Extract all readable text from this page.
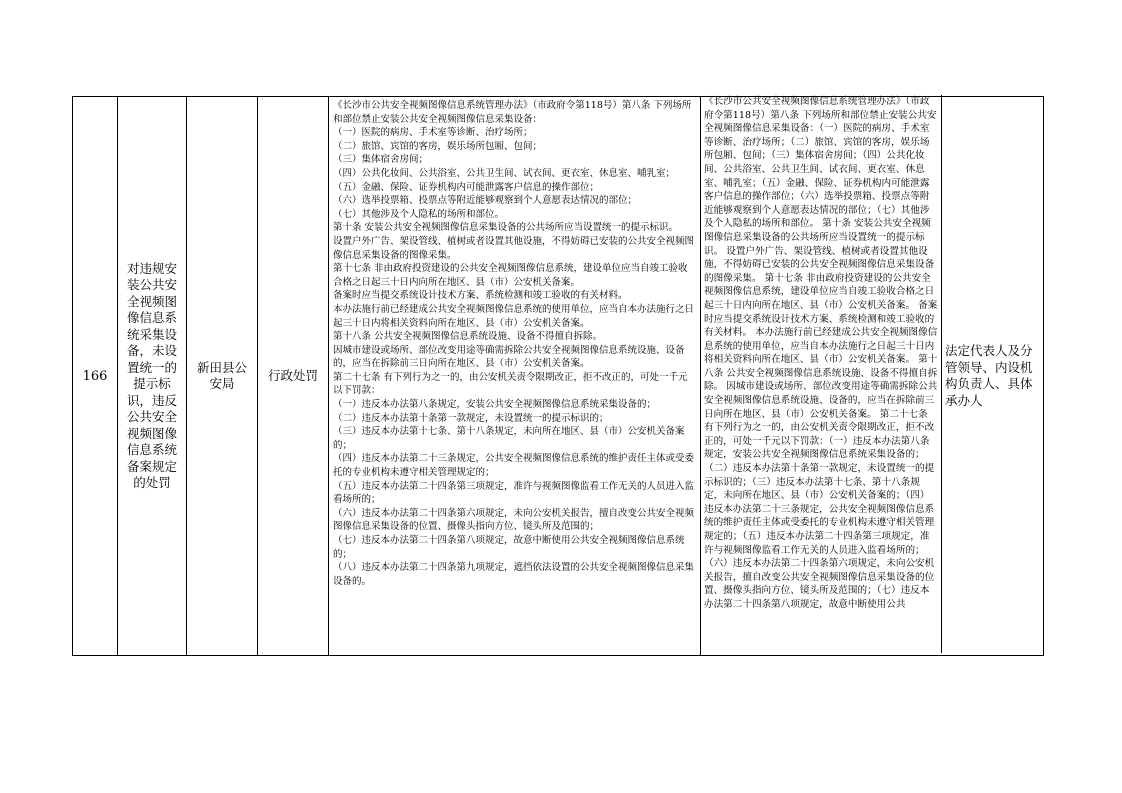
166
对违规安装公共安全视频图像信息系统采集设备，未设置统一的提示标识，违反公共安全视频图像信息系统备案规定的处罚
新田县公安局
行政处罚
《长沙市公共安全视频图像信息系统管理办法》（市政府令第118号）第八条 下列场所和部位禁止安装公共安全视频图像信息采集设备：
（一）医院的病房、手术室等诊断、治疗场所；
（二）旅馆、宾馆的客房，娱乐场所包厢、包间；
（三）集体宿舍房间；
（四）公共化妆间、公共浴室、公共卫生间、试衣间、更衣室、休息室、哺乳室；
（五）金融、保险、证券机构内可能泄露客户信息的操作部位；
（六）选举投票箱、投票点等附近能够观察到个人意愿表达情况的部位；
（七）其他涉及个人隐私的场所和部位。
第十条 安装公共安全视频图像信息采集设备的公共场所应当设置统一的提示标识。
设置户外广告、架设管线、植树或者设置其他设施，不得妨碍已安装的公共安全视频图像信息采集设备的图像采集。
第十七条 非由政府投资建设的公共安全视频图像信息系统，建设单位应当自竣工验收合格之日起三十日内向所在地区、县（市）公安机关备案。
备案时应当提交系统设计技术方案、系统检测和竣工验收的有关材料。
本办法施行前已经建成公共安全视频图像信息系统的使用单位，应当自本办法施行之日起三十日内将相关资料向所在地区、县（市）公安机关备案。
第十八条 公共安全视频图像信息系统设施、设备不得擅自拆除。
因城市建设或场所、部位改变用途等确需拆除公共安全视频图像信息系统设施、设备的，应当在拆除前三日向所在地区、县（市）公安机关备案。
第二十七条 有下列行为之一的，由公安机关责令限期改正，拒不改正的，可处一千元以下罚款：
（一）违反本办法第八条规定，安装公共安全视频图像信息系统采集设备的；
（二）违反本办法第十条第一款规定，未设置统一的提示标识的；
（三）违反本办法第十七条、第十八条规定，未向所在地区、县（市）公安机关备案的；
（四）违反本办法第二十三条规定，公共安全视频图像信息系统的维护责任主体或受委托的专业机构未遵守相关管理规定的；
（五）违反本办法第二十四条第三项规定，准许与视频图像监看工作无关的人员进入监看场所的；
（六）违反本办法第二十四条第六项规定，未向公安机关报告，擅自改变公共安全视频图像信息采集设备的位置、摄像头指向方位、镜头所及范围的；
（七）违反本办法第二十四条第八项规定，故意中断使用公共安全视频图像信息系统的；
（八）违反本办法第二十四条第九项规定，遮挡依法设置的公共安全视频图像信息采集设备的。
《长沙市公共安全视频图像信息系统管理办法》（市政府令第118号）第八条 下列场所和部位禁止安装公共安全视频图像信息采集设备：（一）医院的病房、手术室等诊断、治疗场所；（二）旅馆、宾馆的客房，娱乐场所包厢、包间；（三）集体宿舍房间；（四）公共化妆间、公共浴室、公共卫生间、试衣间、更衣室、休息室、哺乳室；（五）金融、保险、证券机构内可能泄露客户信息的操作部位；（六）选举投票箱、投票点等附近能够观察到个人意愿表达情况的部位；（七）其他涉及个人隐私的场所和部位。 第十条 安装公共安全视频图像信息采集设备的公共场所应当设置统一的提示标识。 设置户外广告、架设管线、植树或者设置其他设施，不得妨碍已安装的公共安全视频图像信息采集设备的图像采集。 第十七条 非由政府投资建设的公共安全视频图像信息系统，建设单位应当自竣工验收合格之日起三十日内向所在地区、县（市）公安机关备案。 备案时应当提交系统设计技术方案、系统检测和竣工验收的有关材料。 本办法施行前已经建成公共安全视频图像信息系统的使用单位，应当自本办法施行之日起三十日内将相关资料向所在地区、县（市）公安机关备案。 第十八条 公共安全视频图像信息系统设施、设备不得擅自拆除。 因城市建设或场所、部位改变用途等确需拆除公共安全视频图像信息系统设施、设备的，应当在拆除前三日向所在地区、县（市）公安机关备案。 第二十七条 有下列行为之一的，由公安机关责令限期改正，拒不改正的，可处一千元以下罚款：（一）违反本办法第八条规定，安装公共安全视频图像信息系统采集设备的；（二）违反本办法第十条第一款规定，未设置统一的提示标识的；（三）违反本办法第十七条、第十八条规定，未向所在地区、县（市）公安机关备案的；（四）违反本办法第二十三条规定，公共安全视频图像信息系统的维护责任主体或受委托的专业机构未遵守相关管理规定的；（五）违反本办法第二十四条第三项规定，准许与视频图像监看工作无关的人员进入监看场所的；（六）违反本办法第二十四条第六项规定，未向公安机关报告，擅自改变公共安全视频图像信息采集设备的位置、摄像头指向方位、镜头所及范围的；（七）违反本办法第二十四条第八项规定，故意中断使用公共
法定代表人及分管领导、内设机构负责人、具体承办人
